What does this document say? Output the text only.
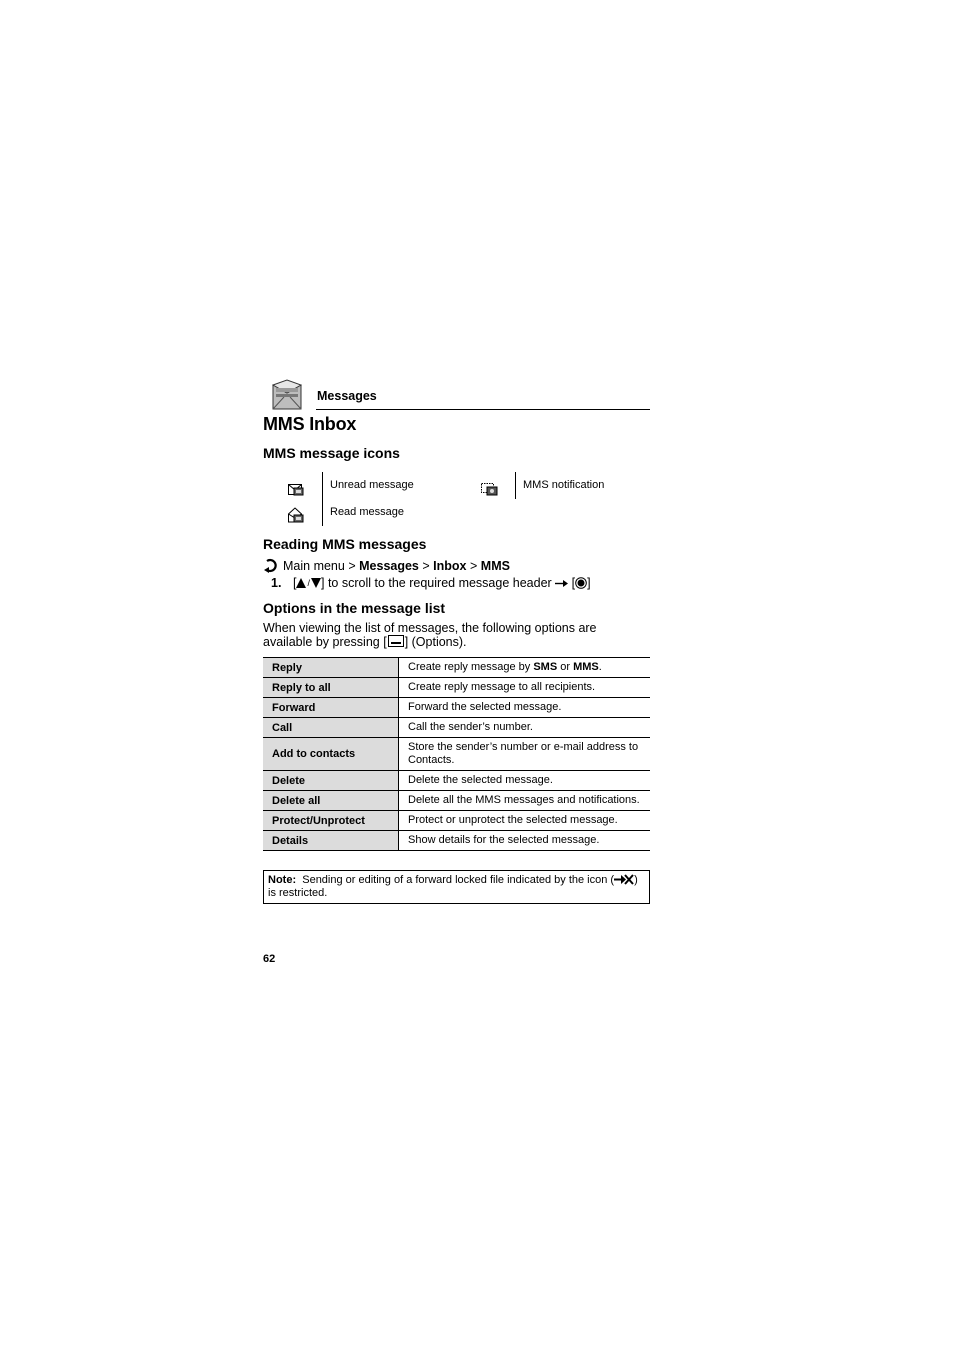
Messages
MMS Inbox
MMS message icons
Unread message
Read message
MMS notification
Reading MMS messages
Main menu
>
Messages
>
Inbox
>
MMS
1. [ / ] to scroll to the required message header

[ ]
Options in the message list
When viewing the list of messages, the following options are available by pressing [ ] (Options).
Reply	Create reply message by SMS or MMS.
Reply to all	Create reply message to all recipients.
Forward	Forward the selected message.
Call	Call the sender’s number.
Add to contacts	Store the sender’s number or e-mail address to Contacts.
Delete	Delete the selected message.
Delete all	Delete all the MMS messages and notifications.
Protect/Unprotect	Protect or unprotect the selected message.
Details	Show details for the selected message.
Note: Sending or editing of a forward locked file indicated by the icon ( ) is restricted.
62
